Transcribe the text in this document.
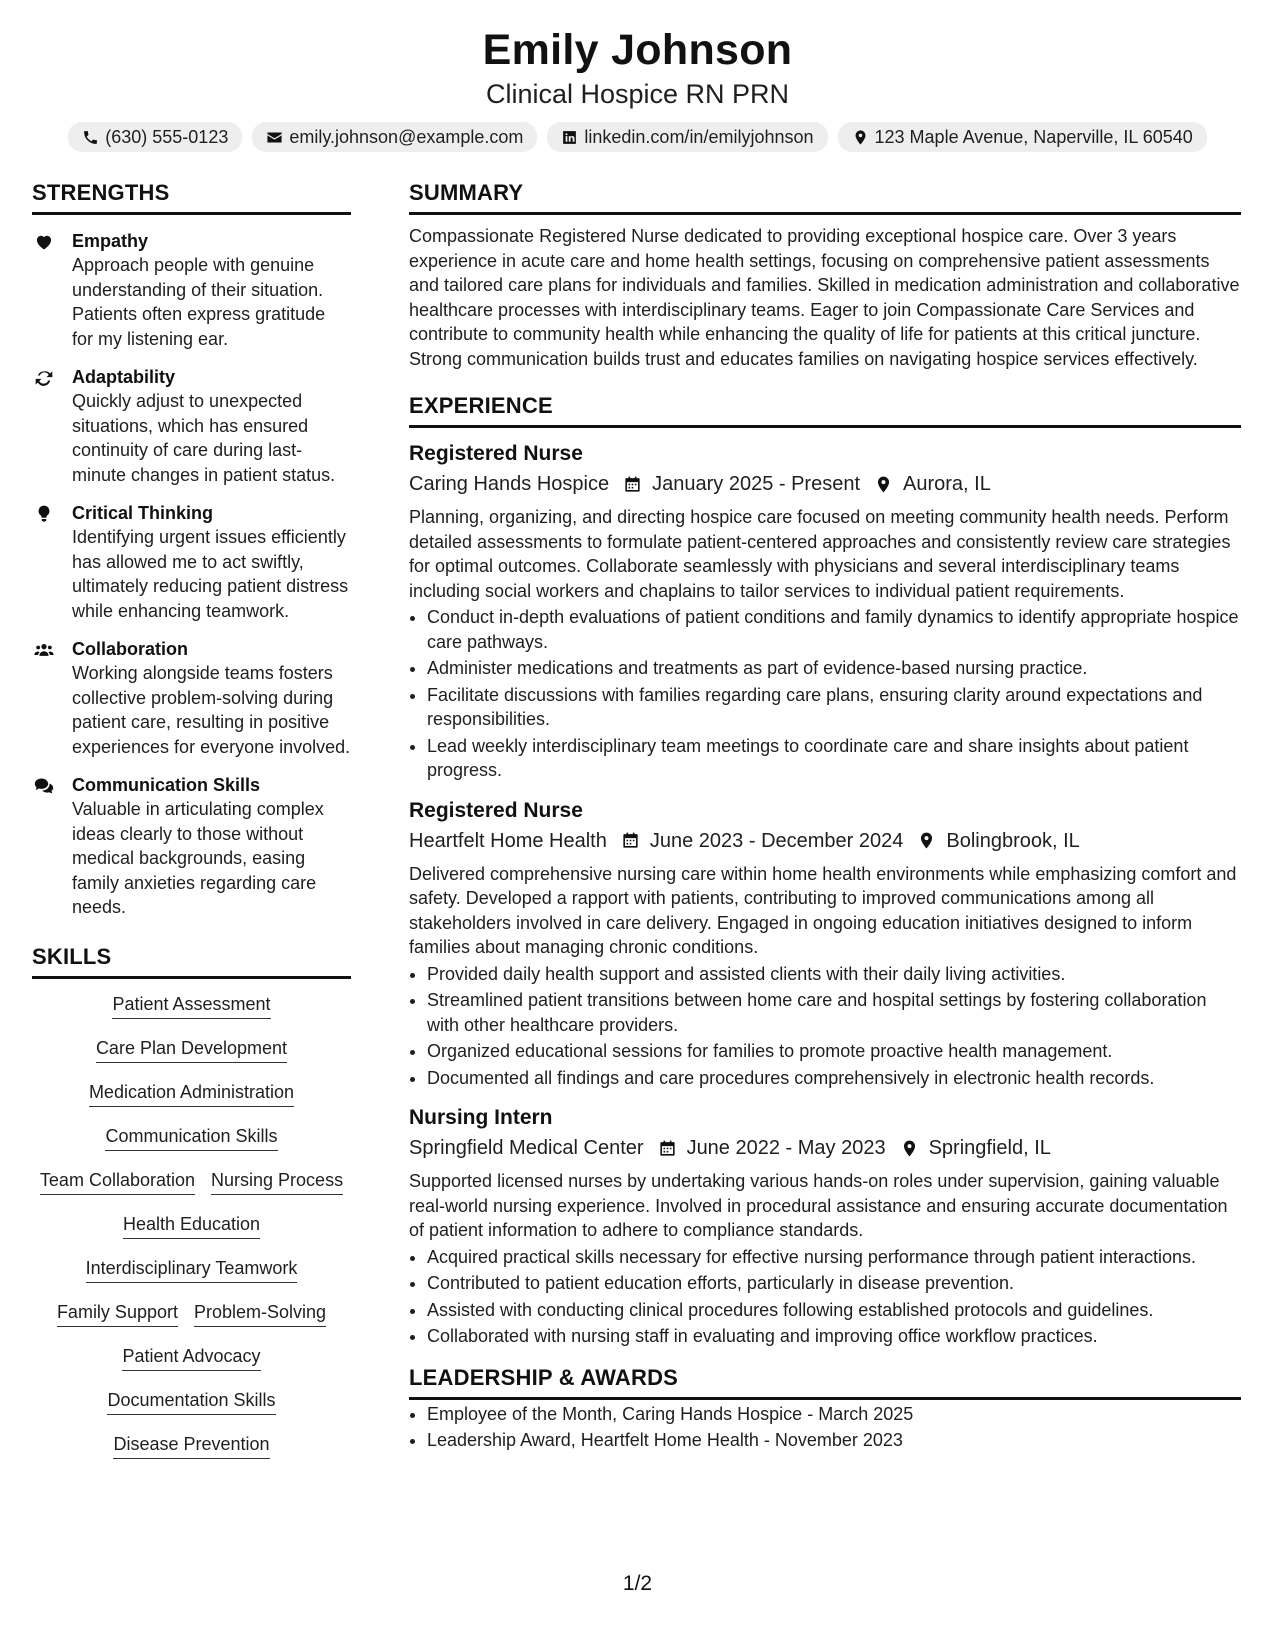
Emily Johnson
Clinical Hospice RN PRN
(630) 555-0123	emily.johnson@example.com	linkedin.com/in/emilyjohnson	123 Maple Avenue, Naperville, IL 60540
STRENGTHS
Empathy
Approach people with genuine understanding of their situation. Patients often express gratitude for my listening ear.
Adaptability
Quickly adjust to unexpected situations, which has ensured continuity of care during last-minute changes in patient status.
Critical Thinking
Identifying urgent issues efficiently has allowed me to act swiftly, ultimately reducing patient distress while enhancing teamwork.
Collaboration
Working alongside teams fosters collective problem-solving during patient care, resulting in positive experiences for everyone involved.
Communication Skills
Valuable in articulating complex ideas clearly to those without medical backgrounds, easing family anxieties regarding care needs.
SKILLS
Patient Assessment
Care Plan Development
Medication Administration
Communication Skills
Team Collaboration Nursing Process
Health Education
Interdisciplinary Teamwork
Family Support Problem-Solving
Patient Advocacy
Documentation Skills
Disease Prevention
SUMMARY
Compassionate Registered Nurse dedicated to providing exceptional hospice care. Over 3 years experience in acute care and home health settings, focusing on comprehensive patient assessments and tailored care plans for individuals and families. Skilled in medication administration and collaborative healthcare processes with interdisciplinary teams. Eager to join Compassionate Care Services and contribute to community health while enhancing the quality of life for patients at this critical juncture. Strong communication builds trust and educates families on navigating hospice services effectively.
EXPERIENCE
Registered Nurse
Caring Hands Hospice January 2025 - Present Aurora, IL
Planning, organizing, and directing hospice care focused on meeting community health needs. Perform detailed assessments to formulate patient-centered approaches and consistently review care strategies for optimal outcomes. Collaborate seamlessly with physicians and several interdisciplinary teams including social workers and chaplains to tailor services to individual patient requirements.
• Conduct in-depth evaluations of patient conditions and family dynamics to identify appropriate hospice care pathways.
• Administer medications and treatments as part of evidence-based nursing practice.
• Facilitate discussions with families regarding care plans, ensuring clarity around expectations and responsibilities.
• Lead weekly interdisciplinary team meetings to coordinate care and share insights about patient progress.
Registered Nurse
Heartfelt Home Health June 2023 - December 2024 Bolingbrook, IL
Delivered comprehensive nursing care within home health environments while emphasizing comfort and safety. Developed a rapport with patients, contributing to improved communications among all stakeholders involved in care delivery. Engaged in ongoing education initiatives designed to inform families about managing chronic conditions.
• Provided daily health support and assisted clients with their daily living activities.
• Streamlined patient transitions between home care and hospital settings by fostering collaboration with other healthcare providers.
• Organized educational sessions for families to promote proactive health management.
• Documented all findings and care procedures comprehensively in electronic health records.
Nursing Intern
Springfield Medical Center June 2022 - May 2023 Springfield, IL
Supported licensed nurses by undertaking various hands-on roles under supervision, gaining valuable real-world nursing experience. Involved in procedural assistance and ensuring accurate documentation of patient information to adhere to compliance standards.
• Acquired practical skills necessary for effective nursing performance through patient interactions.
• Contributed to patient education efforts, particularly in disease prevention.
• Assisted with conducting clinical procedures following established protocols and guidelines.
• Collaborated with nursing staff in evaluating and improving office workflow practices.
LEADERSHIP & AWARDS
• Employee of the Month, Caring Hands Hospice - March 2025
• Leadership Award, Heartfelt Home Health - November 2023
1/2
